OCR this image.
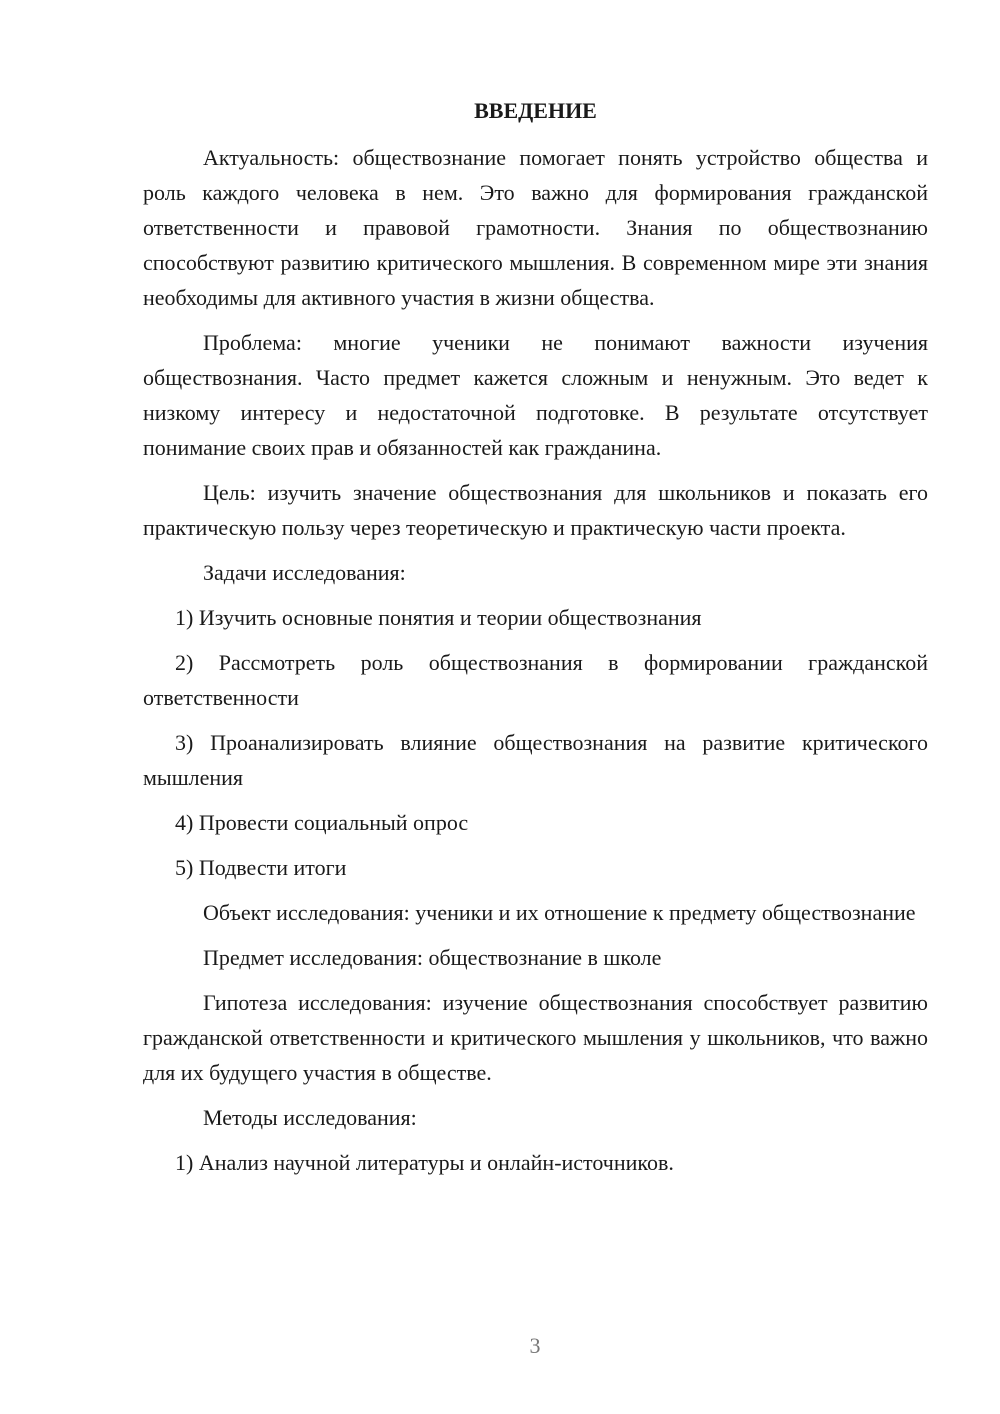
ВВЕДЕНИЕ

Актуальность: обществознание помогает понять устройство общества и роль каждого человека в нем. Это важно для формирования гражданской ответственности и правовой грамотности. Знания по обществознанию способствуют развитию критического мышления. В современном мире эти знания необходимы для активного участия в жизни общества.

Проблема: многие ученики не понимают важности изучения обществознания. Часто предмет кажется сложным и ненужным. Это ведет к низкому интересу и недостаточной подготовке. В результате отсутствует понимание своих прав и обязанностей как гражданина.

Цель: изучить значение обществознания для школьников и показать его практическую пользу через теоретическую и практическую части проекта.

Задачи исследования:

1) Изучить основные понятия и теории обществознания

2) Рассмотреть роль обществознания в формировании гражданской ответственности

3) Проанализировать влияние обществознания на развитие критического мышления

4) Провести социальный опрос

5) Подвести итоги

Объект исследования: ученики и их отношение к предмету обществознание

Предмет исследования: обществознание в школе

Гипотеза исследования: изучение обществознания способствует развитию гражданской ответственности и критического мышления у школьников, что важно для их будущего участия в обществе.

Методы исследования:

1) Анализ научной литературы и онлайн-источников.

3
